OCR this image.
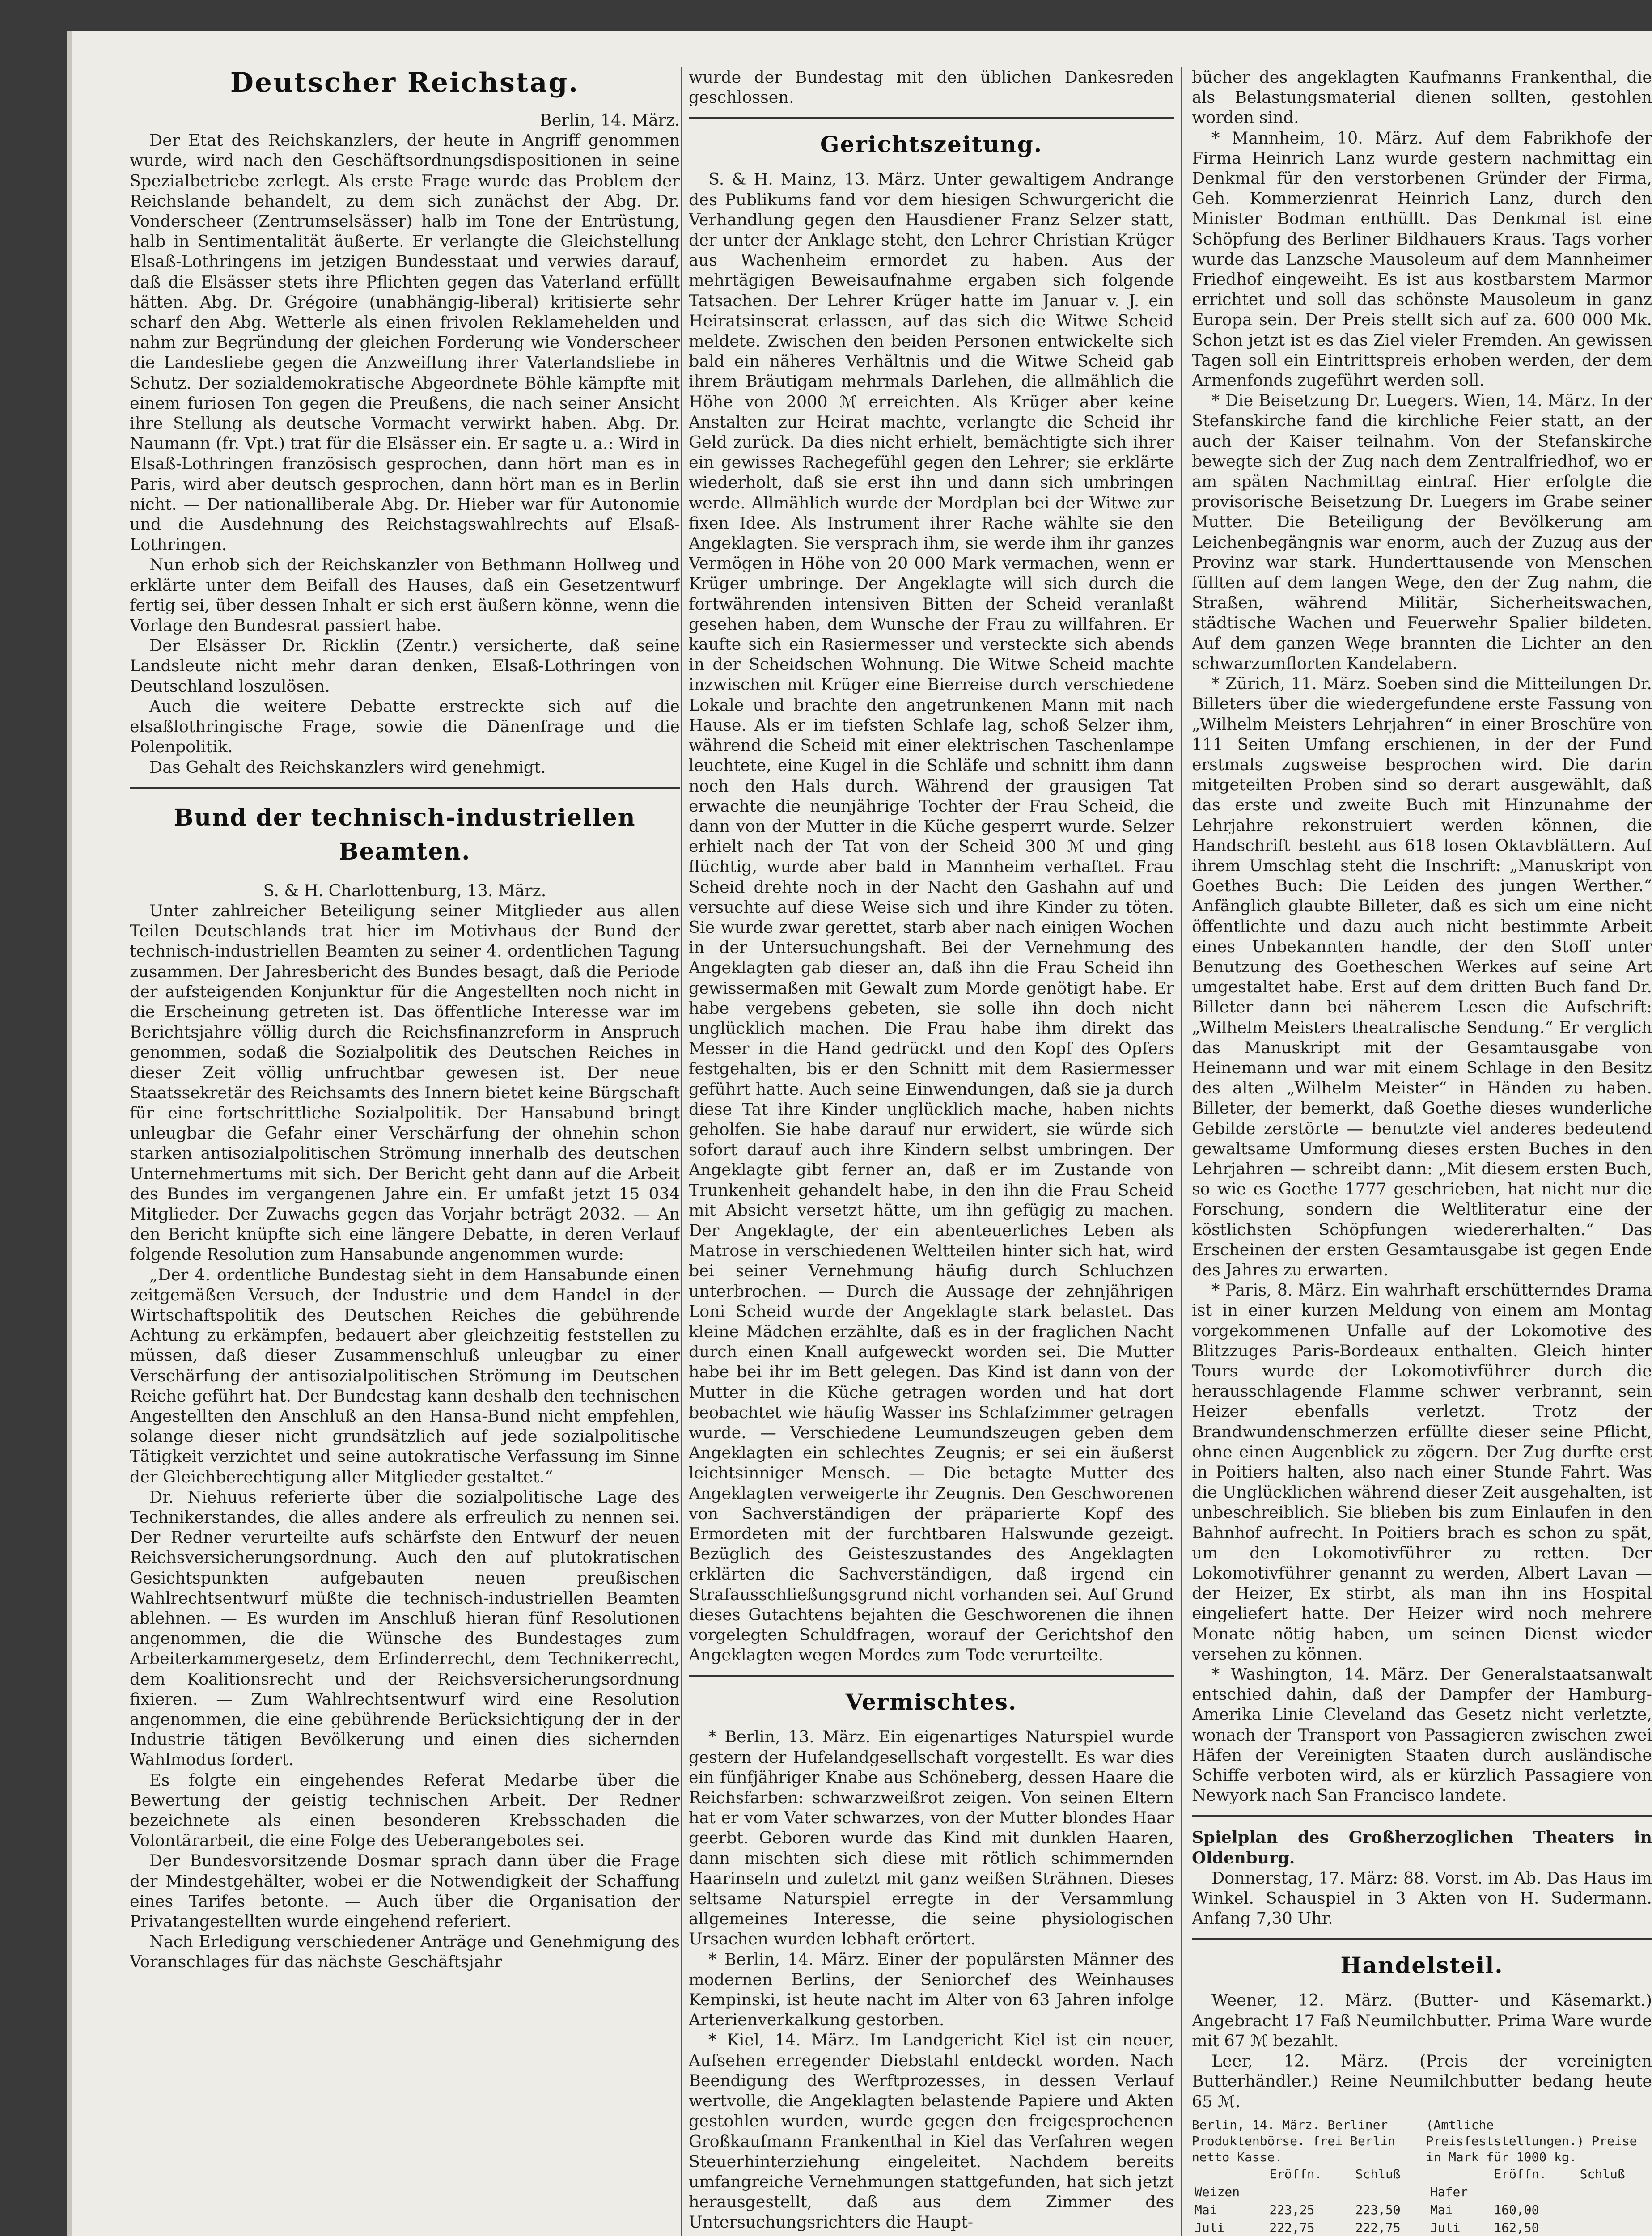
Deutscher Reichstag.

Berlin, 14. März.

Der Etat des Reichskanzlers, der heute in Angriff genommen wurde, wird nach den Geschäftsordnungsdispositionen in seine Spezialbetriebe zerlegt. Als erste Frage wurde das Problem der Reichslande behandelt, zu dem sich zunächst der Abg. Dr. Vonderscheer (Zentrumselsässer) halb im Tone der Entrüstung, halb in Sentimentalität äußerte. Er verlangte die Gleichstellung Elsaß-Lothringens im jetzigen Bundesstaat und verwies darauf, daß die Elsässer stets ihre Pflichten gegen das Vaterland erfüllt hätten. Abg. Dr. Grégoire (unabhängig-liberal) kritisierte sehr scharf den Abg. Wetterle als einen frivolen Reklamehelden und nahm zur Begründung der gleichen Forderung wie Vonderscheer die Landesliebe gegen die Anzweiflung ihrer Vaterlandsliebe in Schutz. Der sozialdemokratische Abgeordnete Böhle kämpfte mit einem furiosen Ton gegen die Preußens, die nach seiner Ansicht ihre Stellung als deutsche Vormacht verwirkt haben. Abg. Dr. Naumann (fr. Vpt.) trat für die Elsässer ein. Er sagte u. a.: Wird in Elsaß-Lothringen französisch gesprochen, dann hört man es in Paris, wird aber deutsch gesprochen, dann hört man es in Berlin nicht. — Der nationalliberale Abg. Dr. Hieber war für Autonomie und die Ausdehnung des Reichstagswahlrechts auf Elsaß-Lothringen.

Nun erhob sich der Reichskanzler von Bethmann Hollweg und erklärte unter dem Beifall des Hauses, daß ein Gesetzentwurf fertig sei, über dessen Inhalt er sich erst äußern könne, wenn die Vorlage den Bundesrat passiert habe.

Der Elsässer Dr. Ricklin (Zentr.) versicherte, daß seine Landsleute nicht mehr daran denken, Elsaß-Lothringen von Deutschland loszulösen.

Auch die weitere Debatte erstreckte sich auf die elsaßlothringische Frage, sowie die Dänenfrage und die Polenpolitik.

Das Gehalt des Reichskanzlers wird genehmigt.

Bund der technisch-industriellen Beamten.

S. & H. Charlottenburg, 13. März.

Unter zahlreicher Beteiligung seiner Mitglieder aus allen Teilen Deutschlands trat hier im Motivhaus der Bund der technisch-industriellen Beamten zu seiner 4. ordentlichen Tagung zusammen. Der Jahresbericht des Bundes besagt, daß die Periode der aufsteigenden Konjunktur für die Angestellten noch nicht in die Erscheinung getreten ist. Das öffentliche Interesse war im Berichtsjahre völlig durch die Reichsfinanzreform in Anspruch genommen, sodaß die Sozialpolitik des Deutschen Reiches in dieser Zeit völlig unfruchtbar gewesen ist. Der neue Staatssekretär des Reichsamts des Innern bietet keine Bürgschaft für eine fortschrittliche Sozialpolitik. Der Hansabund bringt unleugbar die Gefahr einer Verschärfung der ohnehin schon starken antisozialpolitischen Strömung innerhalb des deutschen Unternehmertums mit sich. Der Bericht geht dann auf die Arbeit des Bundes im vergangenen Jahre ein. Er umfaßt jetzt 15 034 Mitglieder. Der Zuwachs gegen das Vorjahr beträgt 2032. — An den Bericht knüpfte sich eine längere Debatte, in deren Verlauf folgende Resolution zum Hansabunde angenommen wurde:

„Der 4. ordentliche Bundestag sieht in dem Hansabunde einen zeitgemäßen Versuch, der Industrie und dem Handel in der Wirtschaftspolitik des Deutschen Reiches die gebührende Achtung zu erkämpfen, bedauert aber gleichzeitig feststellen zu müssen, daß dieser Zusammenschluß unleugbar zu einer Verschärfung der antisozialpolitischen Strömung im Deutschen Reiche geführt hat. Der Bundestag kann deshalb den technischen Angestellten den Anschluß an den Hansa-Bund nicht empfehlen, solange dieser nicht grundsätzlich auf jede sozialpolitische Tätigkeit verzichtet und seine autokratische Verfassung im Sinne der Gleichberechtigung aller Mitglieder gestaltet.“

Dr. Niehuus referierte über die sozialpolitische Lage des Technikerstandes, die alles andere als erfreulich zu nennen sei. Der Redner verurteilte aufs schärfste den Entwurf der neuen Reichsversicherungsordnung. Auch den auf plutokratischen Gesichtspunkten aufgebauten neuen preußischen Wahlrechtsentwurf müßte die technisch-industriellen Beamten ablehnen. — Es wurden im Anschluß hieran fünf Resolutionen angenommen, die die Wünsche des Bundestages zum Arbeiterkammergesetz, dem Erfinderrecht, dem Technikerrecht, dem Koalitionsrecht und der Reichsversicherungsordnung fixieren. — Zum Wahlrechtsentwurf wird eine Resolution angenommen, die eine gebührende Berücksichtigung der in der Industrie tätigen Bevölkerung und einen dies sichernden Wahlmodus fordert.

Es folgte ein eingehendes Referat Medarbe über die Bewertung der geistig technischen Arbeit. Der Redner bezeichnete als einen besonderen Krebsschaden die Volontärarbeit, die eine Folge des Ueberangebotes sei.

Der Bundesvorsitzende Dosmar sprach dann über die Frage der Mindestgehälter, wobei er die Notwendigkeit der Schaffung eines Tarifes betonte. — Auch über die Organisation der Privatangestellten wurde eingehend referiert.

Nach Erledigung verschiedener Anträge und Genehmigung des Voranschlages für das nächste Geschäftsjahr

wurde der Bundestag mit den üblichen Dankesreden geschlossen.

Gerichtszeitung.

S. & H. Mainz, 13. März. Unter gewaltigem Andrange des Publikums fand vor dem hiesigen Schwurgericht die Verhandlung gegen den Hausdiener Franz Selzer statt, der unter der Anklage steht, den Lehrer Christian Krüger aus Wachenheim ermordet zu haben. Aus der mehrtägigen Beweisaufnahme ergaben sich folgende Tatsachen. Der Lehrer Krüger hatte im Januar v. J. ein Heiratsinserat erlassen, auf das sich die Witwe Scheid meldete. Zwischen den beiden Personen entwickelte sich bald ein näheres Verhältnis und die Witwe Scheid gab ihrem Bräutigam mehrmals Darlehen, die allmählich die Höhe von 2000 ℳ erreichten. Als Krüger aber keine Anstalten zur Heirat machte, verlangte die Scheid ihr Geld zurück. Da dies nicht erhielt, bemächtigte sich ihrer ein gewisses Rachegefühl gegen den Lehrer; sie erklärte wiederholt, daß sie erst ihn und dann sich umbringen werde. Allmählich wurde der Mordplan bei der Witwe zur fixen Idee. Als Instrument ihrer Rache wählte sie den Angeklagten. Sie versprach ihm, sie werde ihm ihr ganzes Vermögen in Höhe von 20 000 Mark vermachen, wenn er Krüger umbringe. Der Angeklagte will sich durch die fortwährenden intensiven Bitten der Scheid veranlaßt gesehen haben, dem Wunsche der Frau zu willfahren. Er kaufte sich ein Rasiermesser und versteckte sich abends in der Scheidschen Wohnung. Die Witwe Scheid machte inzwischen mit Krüger eine Bierreise durch verschiedene Lokale und brachte den angetrunkenen Mann mit nach Hause. Als er im tiefsten Schlafe lag, schoß Selzer ihm, während die Scheid mit einer elektrischen Taschenlampe leuchtete, eine Kugel in die Schläfe und schnitt ihm dann noch den Hals durch. Während der grausigen Tat erwachte die neunjährige Tochter der Frau Scheid, die dann von der Mutter in die Küche gesperrt wurde. Selzer erhielt nach der Tat von der Scheid 300 ℳ und ging flüchtig, wurde aber bald in Mannheim verhaftet. Frau Scheid drehte noch in der Nacht den Gashahn auf und versuchte auf diese Weise sich und ihre Kinder zu töten. Sie wurde zwar gerettet, starb aber nach einigen Wochen in der Untersuchungshaft. Bei der Vernehmung des Angeklagten gab dieser an, daß ihn die Frau Scheid ihn gewissermaßen mit Gewalt zum Morde genötigt habe. Er habe vergebens gebeten, sie solle ihn doch nicht unglücklich machen. Die Frau habe ihm direkt das Messer in die Hand gedrückt und den Kopf des Opfers festgehalten, bis er den Schnitt mit dem Rasiermesser geführt hatte. Auch seine Einwendungen, daß sie ja durch diese Tat ihre Kinder unglücklich mache, haben nichts geholfen. Sie habe darauf nur erwidert, sie würde sich sofort darauf auch ihre Kindern selbst umbringen. Der Angeklagte gibt ferner an, daß er im Zustande von Trunkenheit gehandelt habe, in den ihn die Frau Scheid mit Absicht versetzt hätte, um ihn gefügig zu machen. Der Angeklagte, der ein abenteuerliches Leben als Matrose in verschiedenen Weltteilen hinter sich hat, wird bei seiner Vernehmung häufig durch Schluchzen unterbrochen. — Durch die Aussage der zehnjährigen Loni Scheid wurde der Angeklagte stark belastet. Das kleine Mädchen erzählte, daß es in der fraglichen Nacht durch einen Knall aufgeweckt worden sei. Die Mutter habe bei ihr im Bett gelegen. Das Kind ist dann von der Mutter in die Küche getragen worden und hat dort beobachtet wie häufig Wasser ins Schlafzimmer getragen wurde. — Verschiedene Leumundszeugen geben dem Angeklagten ein schlechtes Zeugnis; er sei ein äußerst leichtsinniger Mensch. — Die betagte Mutter des Angeklagten verweigerte ihr Zeugnis. Den Geschworenen von Sachverständigen der präparierte Kopf des Ermordeten mit der furchtbaren Halswunde gezeigt. Bezüglich des Geisteszustandes des Angeklagten erklärten die Sachverständigen, daß irgend ein Strafausschließungsgrund nicht vorhanden sei. Auf Grund dieses Gutachtens bejahten die Geschworenen die ihnen vorgelegten Schuldfragen, worauf der Gerichtshof den Angeklagten wegen Mordes zum Tode verurteilte.

Vermischtes.

* Berlin, 13. März. Ein eigenartiges Naturspiel wurde gestern der Hufelandgesellschaft vorgestellt. Es war dies ein fünfjähriger Knabe aus Schöneberg, dessen Haare die Reichsfarben: schwarzweißrot zeigen. Von seinen Eltern hat er vom Vater schwarzes, von der Mutter blondes Haar geerbt. Geboren wurde das Kind mit dunklen Haaren, dann mischten sich diese mit rötlich schimmernden Haarinseln und zuletzt mit ganz weißen Strähnen. Dieses seltsame Naturspiel erregte in der Versammlung allgemeines Interesse, die seine physiologischen Ursachen wurden lebhaft erörtert.

* Berlin, 14. März. Einer der populärsten Männer des modernen Berlins, der Seniorchef des Weinhauses Kempinski, ist heute nacht im Alter von 63 Jahren infolge Arterienverkalkung gestorben.

* Kiel, 14. März. Im Landgericht Kiel ist ein neuer, Aufsehen erregender Diebstahl entdeckt worden. Nach Beendigung des Werftprozesses, in dessen Verlauf wertvolle, die Angeklagten belastende Papiere und Akten gestohlen wurden, wurde gegen den freigesprochenen Großkaufmann Frankenthal in Kiel das Verfahren wegen Steuerhinterziehung eingeleitet. Nachdem bereits umfangreiche Vernehmungen stattgefunden, hat sich jetzt herausgestellt, daß aus dem Zimmer des Untersuchungsrichters die Haupt-

bücher des angeklagten Kaufmanns Frankenthal, die als Belastungsmaterial dienen sollten, gestohlen worden sind.

* Mannheim, 10. März. Auf dem Fabrikhofe der Firma Heinrich Lanz wurde gestern nachmittag ein Denkmal für den verstorbenen Gründer der Firma, Geh. Kommerzienrat Heinrich Lanz, durch den Minister Bodman enthüllt. Das Denkmal ist eine Schöpfung des Berliner Bildhauers Kraus. Tags vorher wurde das Lanzsche Mausoleum auf dem Mannheimer Friedhof eingeweiht. Es ist aus kostbarstem Marmor errichtet und soll das schönste Mausoleum in ganz Europa sein. Der Preis stellt sich auf za. 600 000 Mk. Schon jetzt ist es das Ziel vieler Fremden. An gewissen Tagen soll ein Eintrittspreis erhoben werden, der dem Armenfonds zugeführt werden soll.

* Die Beisetzung Dr. Luegers. Wien, 14. März. In der Stefanskirche fand die kirchliche Feier statt, an der auch der Kaiser teilnahm. Von der Stefanskirche bewegte sich der Zug nach dem Zentralfriedhof, wo er am späten Nachmittag eintraf. Hier erfolgte die provisorische Beisetzung Dr. Luegers im Grabe seiner Mutter. Die Beteiligung der Bevölkerung am Leichenbegängnis war enorm, auch der Zuzug aus der Provinz war stark. Hunderttausende von Menschen füllten auf dem langen Wege, den der Zug nahm, die Straßen, während Militär, Sicherheitswachen, städtische Wachen und Feuerwehr Spalier bildeten. Auf dem ganzen Wege brannten die Lichter an den schwarzumflorten Kandelabern.

* Zürich, 11. März. Soeben sind die Mitteilungen Dr. Billeters über die wiedergefundene erste Fassung von „Wilhelm Meisters Lehrjahren“ in einer Broschüre von 111 Seiten Umfang erschienen, in der der Fund erstmals zugsweise besprochen wird. Die darin mitgeteilten Proben sind so derart ausgewählt, daß das erste und zweite Buch mit Hinzunahme der Lehrjahre rekonstruiert werden können, die Handschrift besteht aus 618 losen Oktavblättern. Auf ihrem Umschlag steht die Inschrift: „Manuskript von Goethes Buch: Die Leiden des jungen Werther.“ Anfänglich glaubte Billeter, daß es sich um eine nicht öffentlichte und dazu auch nicht bestimmte Arbeit eines Unbekannten handle, der den Stoff unter Benutzung des Goetheschen Werkes auf seine Art umgestaltet habe. Erst auf dem dritten Buch fand Dr. Billeter dann bei näherem Lesen die Aufschrift: „Wilhelm Meisters theatralische Sendung.“ Er verglich das Manuskript mit der Gesamtausgabe von Heinemann und war mit einem Schlage in den Besitz des alten „Wilhelm Meister“ in Händen zu haben. Billeter, der bemerkt, daß Goethe dieses wunderliche Gebilde zerstörte — benutzte viel anderes bedeutend gewaltsame Umformung dieses ersten Buches in den Lehrjahren — schreibt dann: „Mit diesem ersten Buch, so wie es Goethe 1777 geschrieben, hat nicht nur die Forschung, sondern die Weltliteratur eine der köstlichsten Schöpfungen wiedererhalten.“ Das Erscheinen der ersten Gesamtausgabe ist gegen Ende des Jahres zu erwarten.

* Paris, 8. März. Ein wahrhaft erschütterndes Drama ist in einer kurzen Meldung von einem am Montag vorgekommenen Unfalle auf der Lokomotive des Blitzzuges Paris-Bordeaux enthalten. Gleich hinter Tours wurde der Lokomotivführer durch die herausschlagende Flamme schwer verbrannt, sein Heizer ebenfalls verletzt. Trotz der Brandwundenschmerzen erfüllte dieser seine Pflicht, ohne einen Augenblick zu zögern. Der Zug durfte erst in Poitiers halten, also nach einer Stunde Fahrt. Was die Unglücklichen während dieser Zeit ausgehalten, ist unbeschreiblich. Sie blieben bis zum Einlaufen in den Bahnhof aufrecht. In Poitiers brach es schon zu spät, um den Lokomotivführer zu retten. Der Lokomotivführer genannt zu werden, Albert Lavan — der Heizer, Ex stirbt, als man ihn ins Hospital eingeliefert hatte. Der Heizer wird noch mehrere Monate nötig haben, um seinen Dienst wieder versehen zu können.

* Washington, 14. März. Der Generalstaatsanwalt entschied dahin, daß der Dampfer der Hamburg-Amerika Linie Cleveland das Gesetz nicht verletzte, wonach der Transport von Passagieren zwischen zwei Häfen der Vereinigten Staaten durch ausländische Schiffe verboten wird, als er kürzlich Passagiere von Newyork nach San Francisco landete.

Spielplan des Großherzoglichen Theaters in Oldenburg.

Donnerstag, 17. März: 88. Vorst. im Ab. Das Haus im Winkel. Schauspiel in 3 Akten von H. Sudermann. Anfang 7,30 Uhr.

Handelsteil.

Weener, 12. März. (Butter- und Käsemarkt.) Angebracht 17 Faß Neumilchbutter. Prima Ware wurde mit 67 ℳ bezahlt.

Leer, 12. März. (Preis der vereinigten Butterhändler.) Reine Neumilchbutter bedang heute 65 ℳ.

Berlin, 14. März. Berliner Produktenbörse. frei Berlin netto Kasse.
(Amtliche Preisfeststellungen.) Preise in Mark für 1000 kg.
	Eröffn.	Schluß		Eröffn.	Schluß
Weizen			Hafer		
Mai	223,25	223,50	Mai	160,00	
Juli	222,75	222,75	Juli	162,50	
